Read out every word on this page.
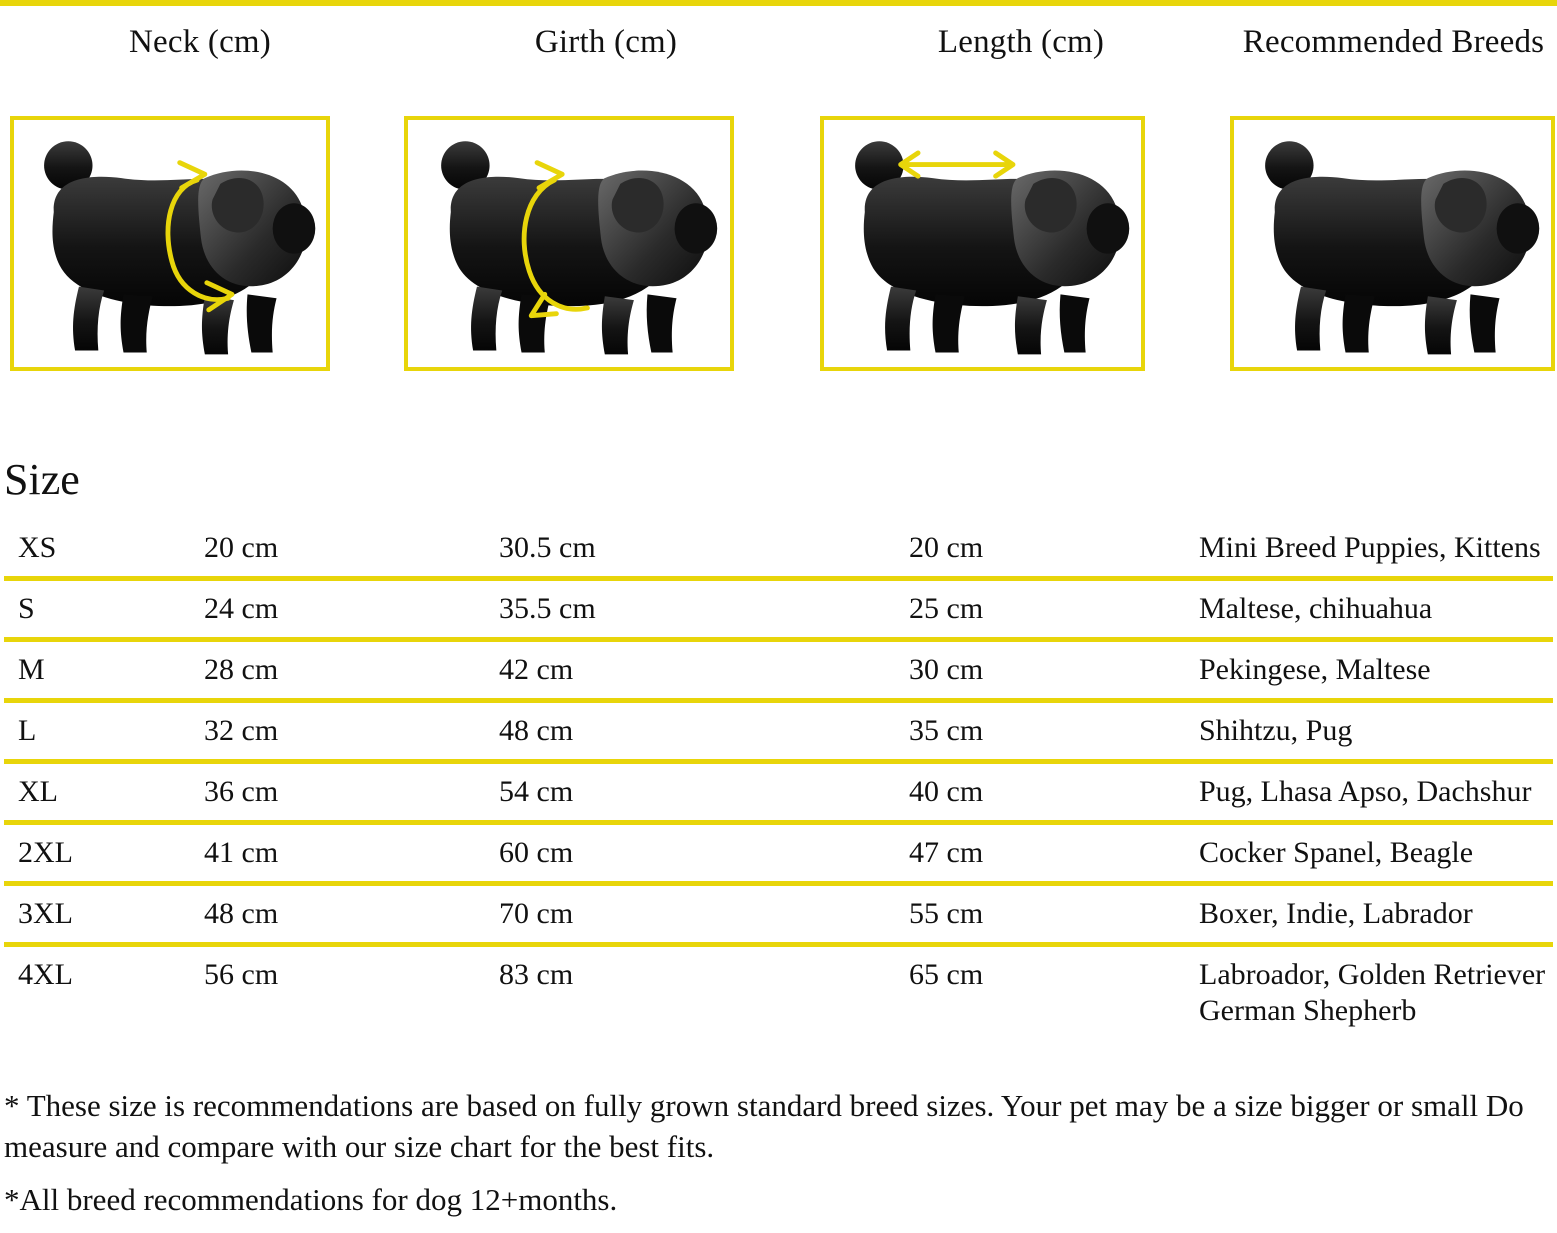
Neck (cm)	Girth (cm)	Length (cm)	Recommended Breeds
Size
XS	20 cm	30.5 cm	20 cm	Mini Breed Puppies, Kittens
S	24 cm	35.5 cm	25 cm	Maltese, chihuahua
M	28 cm	42 cm	30 cm	Pekingese, Maltese
L	32 cm	48 cm	35 cm	Shihtzu, Pug
XL	36 cm	54 cm	40 cm	Pug, Lhasa Apso, Dachshur
2XL	41 cm	60 cm	47 cm	Cocker Spanel, Beagle
3XL	48 cm	70 cm	55 cm	Boxer, Indie, Labrador
4XL	56 cm	83 cm	65 cm	Labroador, Golden Retriever German Shepherb
* These size is recommendations are based on fully grown standard breed sizes. Your pet may be a size bigger or small Do measure and compare with our size chart for the best fits.
*All breed recommendations for dog 12+months.
